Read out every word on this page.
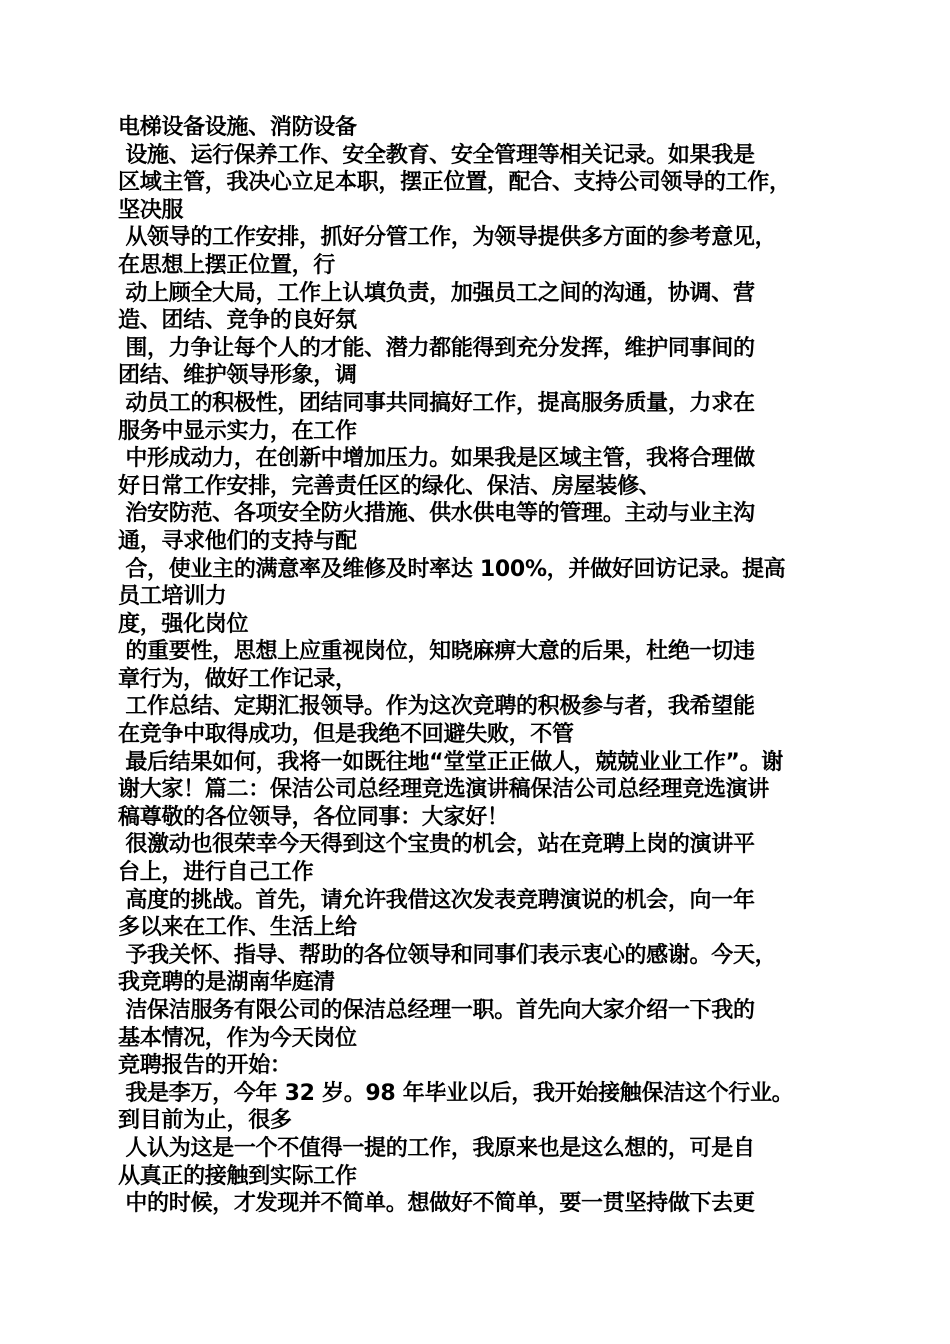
电梯设备设施、消防设备
设施、运行保养工作、安全教育、安全管理等相关记录。如果我是
区域主管，我决心立足本职，摆正位置，配合、支持公司领导的工作，
坚决服
从领导的工作安排，抓好分管工作，为领导提供多方面的参考意见，
在思想上摆正位置，行
动上顾全大局，工作上认填负责，加强员工之间的沟通，协调、营
造、团结、竞争的良好氛
围，力争让每个人的才能、潜力都能得到充分发挥，维护同事间的
团结、维护领导形象，调
动员工的积极性，团结同事共同搞好工作，提高服务质量，力求在
服务中显示实力，在工作
中形成动力，在创新中增加压力。如果我是区域主管，我将合理做
好日常工作安排，完善责任区的绿化、保洁、房屋装修、
治安防范、各项安全防火措施、供水供电等的管理。主动与业主沟
通，寻求他们的支持与配
合，使业主的满意率及维修及时率达 100%，并做好回访记录。提高
员工培训力
度，强化岗位
的重要性，思想上应重视岗位，知晓麻痹大意的后果，杜绝一切违
章行为，做好工作记录，
工作总结、定期汇报领导。作为这次竞聘的积极参与者，我希望能
在竞争中取得成功，但是我绝不回避失败，不管
最后结果如何，我将一如既往地“堂堂正正做人，兢兢业业工作”。谢
谢大家！篇二：保洁公司总经理竞选演讲稿保洁公司总经理竞选演讲
稿尊敬的各位领导，各位同事：大家好！
很激动也很荣幸今天得到这个宝贵的机会，站在竞聘上岗的演讲平
台上，进行自己工作
高度的挑战。首先，请允许我借这次发表竞聘演说的机会，向一年
多以来在工作、生活上给
予我关怀、指导、帮助的各位领导和同事们表示衷心的感谢。今天，
我竞聘的是湖南华庭清
洁保洁服务有限公司的保洁总经理一职。首先向大家介绍一下我的
基本情况，作为今天岗位
竞聘报告的开始：
我是李万，今年 32 岁。98 年毕业以后，我开始接触保洁这个行业。
到目前为止，很多
人认为这是一个不值得一提的工作，我原来也是这么想的，可是自
从真正的接触到实际工作
中的时候，才发现并不简单。想做好不简单，要一贯坚持做下去更
